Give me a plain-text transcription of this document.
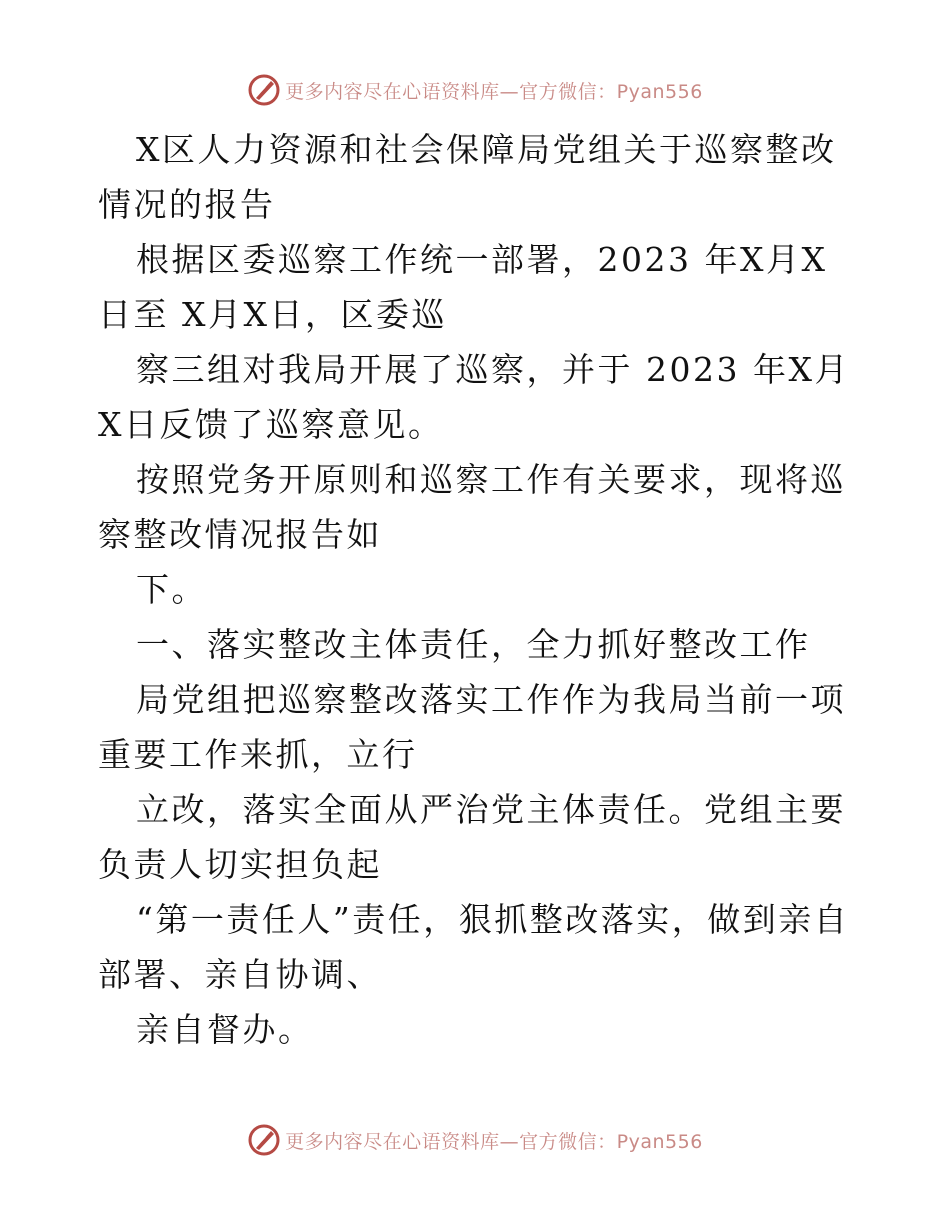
更多内容尽在心语资料库—官方微信：Pyan556

X区人力资源和社会保障局党组关于巡察整改情况的报告

根据区委巡察工作统一部署，2023 年X月X日至 X月X日，区委巡

察三组对我局开展了巡察，并于 2023 年X月X日反馈了巡察意见。

按照党务开原则和巡察工作有关要求，现将巡察整改情况报告如

下。

一、落实整改主体责任，全力抓好整改工作

局党组把巡察整改落实工作作为我局当前一项重要工作来抓，立行

立改，落实全面从严治党主体责任。党组主要负责人切实担负起

“第一责任人”责任，狠抓整改落实，做到亲自部署、亲自协调、

亲自督办。

更多内容尽在心语资料库—官方微信：Pyan556
